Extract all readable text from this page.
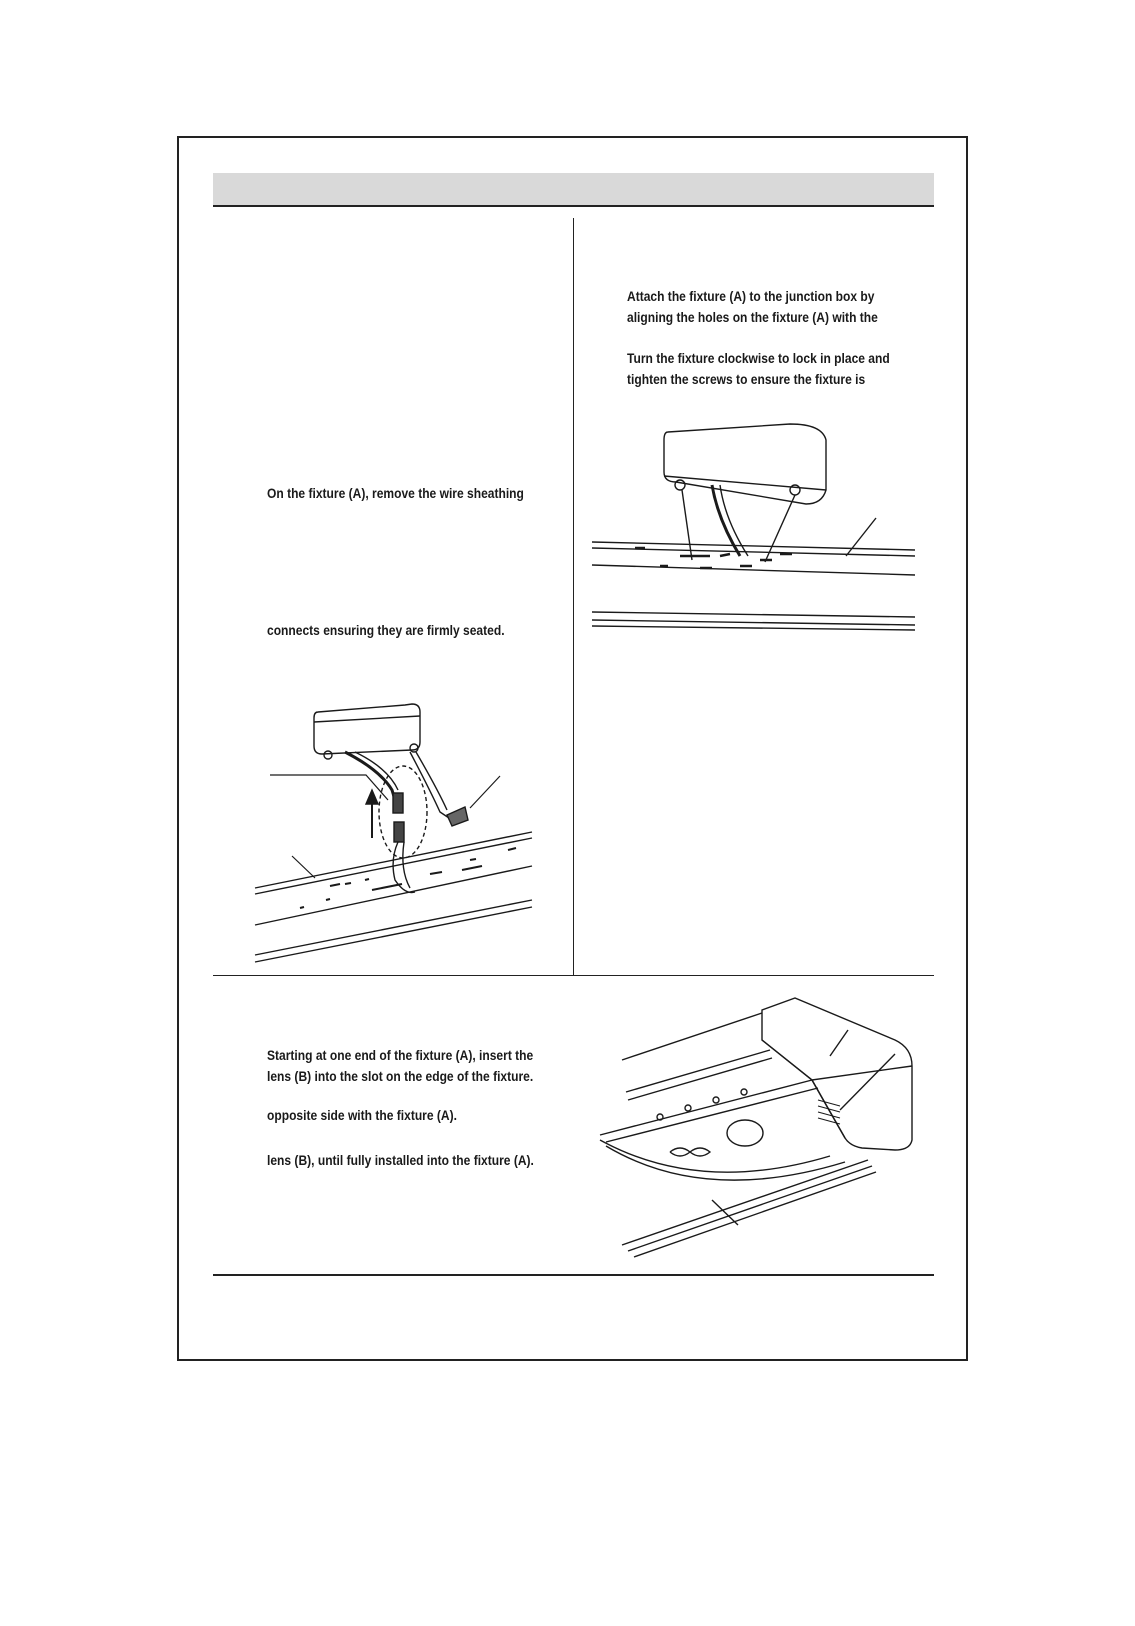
Attach the fixture (A) to the junction box by
aligning the holes on the fixture (A) with the
Turn the fixture clockwise to lock in place and
tighten the screws to ensure the fixture is
On the fixture (A), remove the wire sheathing
connects ensuring they are firmly seated.
Starting at one end of the fixture (A), insert the
lens (B) into the slot on the edge of the fixture.
opposite side with the fixture (A).
lens (B), until fully installed into the fixture (A).
